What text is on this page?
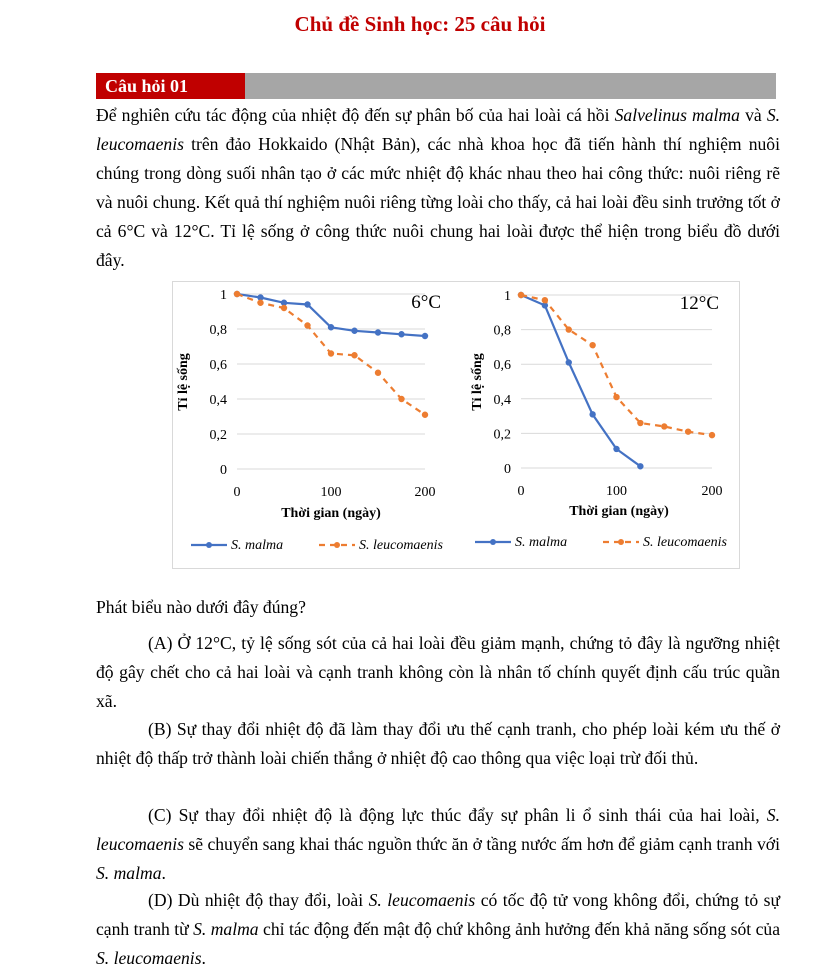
Chủ đề Sinh học: 25 câu hỏi
Câu hỏi 01
Để nghiên cứu tác động của nhiệt độ đến sự phân bố của hai loài cá hồi Salvelinus malma và S. leucomaenis trên đảo Hokkaido (Nhật Bản), các nhà khoa học đã tiến hành thí nghiệm nuôi chúng trong dòng suối nhân tạo ở các mức nhiệt độ khác nhau theo hai công thức: nuôi riêng rẽ và nuôi chung. Kết quả thí nghiệm nuôi riêng từng loài cho thấy, cả hai loài đều sinh trưởng tốt ở cả 6°C và 12°C. Tỉ lệ sống ở công thức nuôi chung hai loài được thể hiện trong biểu đồ dưới đây.
0
0,2
0,4
0,6
0,8
1
0	100	200
Thời gian (ngày)
Tỉ lệ sống
6°C
S. malma	S. leucomaenis
0
0,2
0,4
0,6
0,8
1
0	100	200
Thời gian (ngày)
Tỉ lệ sống
12°C
S. malma	S. leucomaenis
Phát biểu nào dưới đây đúng?
(A) Ở 12°C, tỷ lệ sống sót của cả hai loài đều giảm mạnh, chứng tỏ đây là ngưỡng nhiệt độ gây chết cho cả hai loài và cạnh tranh không còn là nhân tố chính quyết định cấu trúc quần xã.
(B) Sự thay đổi nhiệt độ đã làm thay đổi ưu thế cạnh tranh, cho phép loài kém ưu thế ở nhiệt độ thấp trở thành loài chiến thắng ở nhiệt độ cao thông qua việc loại trừ đối thủ.
(C) Sự thay đổi nhiệt độ là động lực thúc đẩy sự phân li ổ sinh thái của hai loài, S. leucomaenis sẽ chuyển sang khai thác nguồn thức ăn ở tầng nước ấm hơn để giảm cạnh tranh với S. malma.
(D) Dù nhiệt độ thay đổi, loài S. leucomaenis có tốc độ tử vong không đổi, chứng tỏ sự cạnh tranh từ S. malma chỉ tác động đến mật độ chứ không ảnh hưởng đến khả năng sống sót của S. leucomaenis.
